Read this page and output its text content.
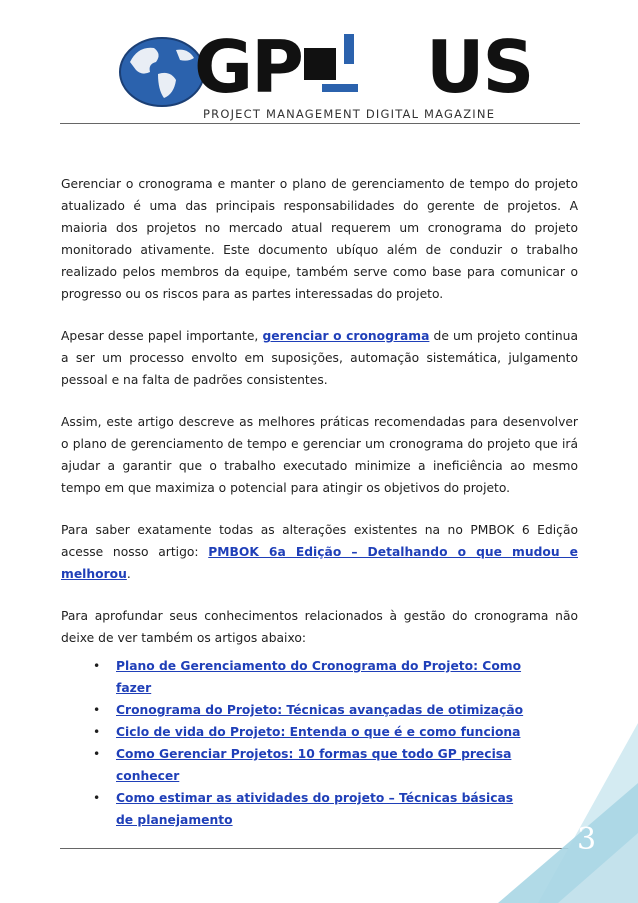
GP US
PROJECT MANAGEMENT DIGITAL MAGAZINE

Gerenciar o cronograma e manter o plano de gerenciamento de tempo do projeto atualizado é uma das principais responsabilidades do gerente de projetos. A maioria dos projetos no mercado atual requerem um cronograma do projeto monitorado ativamente. Este documento ubíquo além de conduzir o trabalho realizado pelos membros da equipe, também serve como base para comunicar o progresso ou os riscos para as partes interessadas do projeto.

Apesar desse papel importante, gerenciar o cronograma de um projeto continua a ser um processo envolto em suposições, automação sistemática, julgamento pessoal e na falta de padrões consistentes.

Assim, este artigo descreve as melhores práticas recomendadas para desenvolver o plano de gerenciamento de tempo e gerenciar um cronograma do projeto que irá ajudar a garantir que o trabalho executado minimize a ineficiência ao mesmo tempo em que maximiza o potencial para atingir os objetivos do projeto.

Para saber exatamente todas as alterações existentes na no PMBOK 6 Edição acesse nosso artigo: PMBOK 6a Edição – Detalhando o que mudou e melhorou.

Para aprofundar seus conhecimentos relacionados à gestão do cronograma não deixe de ver também os artigos abaixo:

• Plano de Gerenciamento do Cronograma do Projeto: Como fazer
• Cronograma do Projeto: Técnicas avançadas de otimização
• Ciclo de vida do Projeto: Entenda o que é e como funciona
• Como Gerenciar Projetos: 10 formas que todo GP precisa conhecer
• Como estimar as atividades do projeto – Técnicas básicas de planejamento
3
